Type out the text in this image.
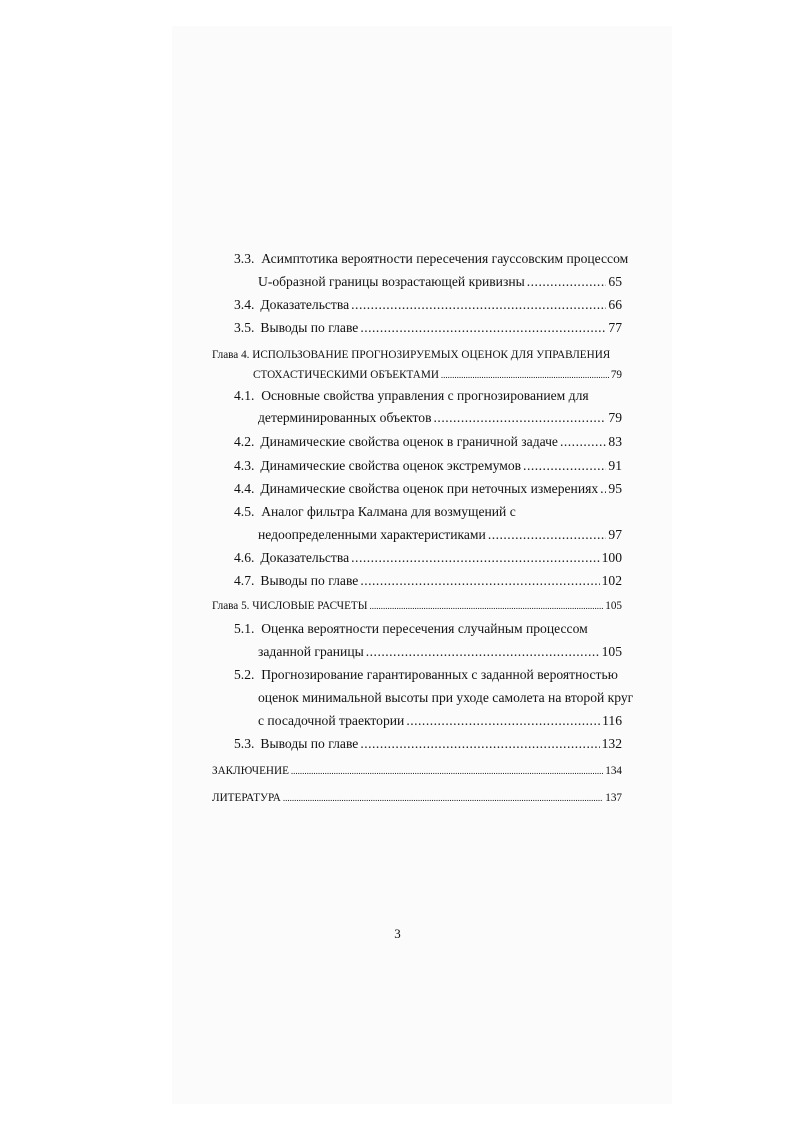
3.3. Асимптотика вероятности пересечения гауссовским процессом
U-образной границы возрастающей кривизны .....	65
3.4. Доказательства .....	66
3.5. Выводы по главе .....	77
Глава 4. ИСПОЛЬЗОВАНИЕ ПРОГНОЗИРУЕМЫХ ОЦЕНОК ДЛЯ УПРАВЛЕНИЯ
СТОХАСТИЧЕСКИМИ ОБЪЕКТАМИ .....	79
4.1. Основные свойства управления с прогнозированием для
детерминированных объектов .....	79
4.2. Динамические свойства оценок в граничной задаче .....	83
4.3. Динамические свойства оценок экстремумов .....	91
4.4. Динамические свойства оценок при неточных измерениях ..... 95
4.5. Аналог фильтра Калмана для возмущений с
недоопределенными характеристиками .....	97
4.6. Доказательства .....	100
4.7. Выводы по главе .....	102
Глава 5. ЧИСЛОВЫЕ РАСЧЕТЫ .....	105
5.1. Оценка вероятности пересечения случайным процессом
заданной границы .....	105
5.2. Прогнозирование гарантированных с заданной вероятностью
оценок минимальной высоты при уходе самолета на второй круг
с посадочной траектории .....	116
5.3. Выводы по главе .....	132
ЗАКЛЮЧЕНИЕ .....	134
ЛИТЕРАТУРА .....	137
3
